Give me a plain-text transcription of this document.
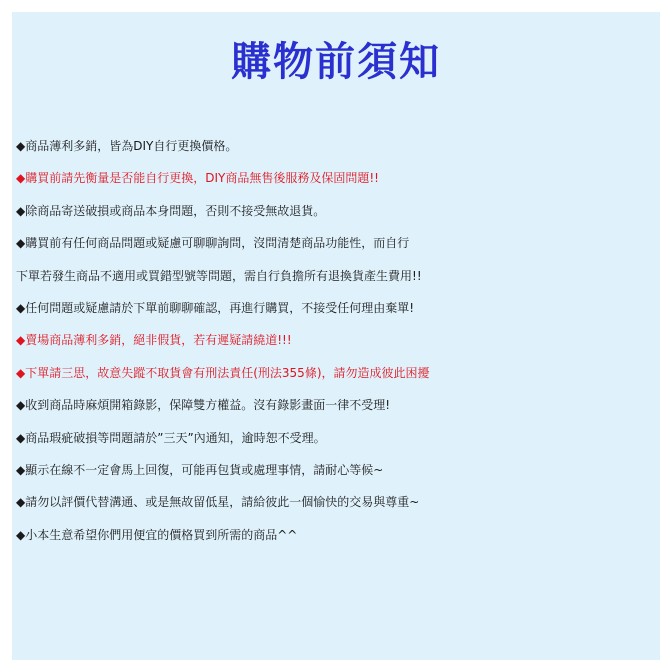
購物前須知
◆商品薄利多銷，皆為DIY自行更換價格。
◆購買前請先衡量是否能自行更換，DIY商品無售後服務及保固問題!!
◆除商品寄送破損或商品本身問題，否則不接受無故退貨。
◆購買前有任何商品問題或疑慮可聊聊詢問，沒問清楚商品功能性，而自行
下單若發生商品不適用或買錯型號等問題，需自行負擔所有退換貨產生費用!!
◆任何問題或疑慮請於下單前聊聊確認，再進行購買，不接受任何理由棄單!
◆賣場商品薄利多銷，絕非假貨，若有遲疑請繞道!!!
◆下單請三思，故意失蹤不取貨會有刑法責任(刑法355條)，請勿造成彼此困擾
◆收到商品時麻煩開箱錄影，保障雙方權益。沒有錄影畫面一律不受理!
◆商品瑕疵破損等問題請於”三天”內通知，逾時恕不受理。
◆顯示在線不一定會馬上回復，可能再包貨或處理事情，請耐心等候~
◆請勿以評價代替溝通、或是無故留低星，請給彼此一個愉快的交易與尊重~
◆小本生意希望你們用便宜的價格買到所需的商品^^
